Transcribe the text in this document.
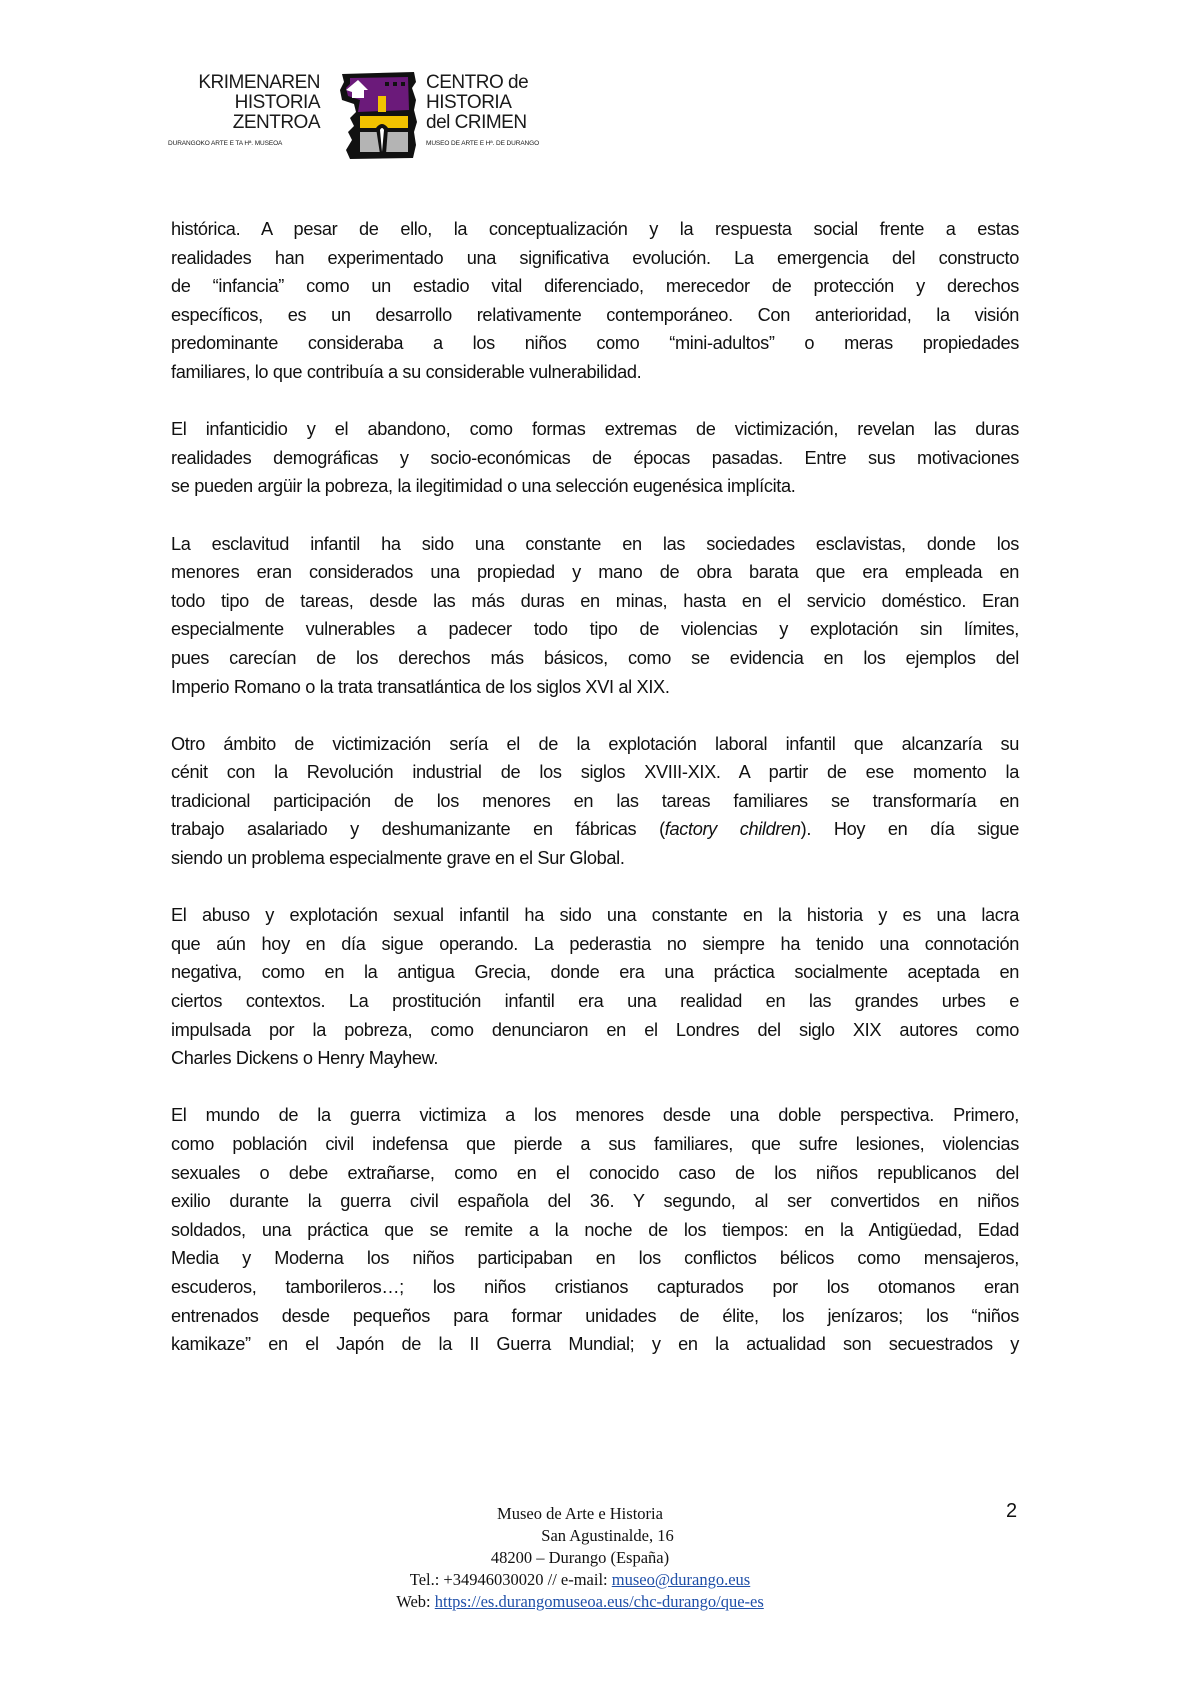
KRIMENAREN
HISTORIA
ZENTROA
DURANGOKO ARTE E TA Hª. MUSEOA
CENTRO de
HISTORIA
del CRIMEN
MUSEO DE ARTE E Hª. DE DURANGO
histórica. A pesar de ello, la conceptualización y la respuesta social frente a estas
realidades han experimentado una significativa evolución. La emergencia del constructo
de “infancia” como un estadio vital diferenciado, merecedor de protección y derechos
específicos, es un desarrollo relativamente contemporáneo. Con anterioridad, la visión
predominante consideraba a los niños como “mini-adultos” o meras propiedades
familiares, lo que contribuía a su considerable vulnerabilidad.
El infanticidio y el abandono, como formas extremas de victimización, revelan las duras
realidades demográficas y socio-económicas de épocas pasadas. Entre sus motivaciones
se pueden argüir la pobreza, la ilegitimidad o una selección eugenésica implícita.
La esclavitud infantil ha sido una constante en las sociedades esclavistas, donde los
menores eran considerados una propiedad y mano de obra barata que era empleada en
todo tipo de tareas, desde las más duras en minas, hasta en el servicio doméstico. Eran
especialmente vulnerables a padecer todo tipo de violencias y explotación sin límites,
pues carecían de los derechos más básicos, como se evidencia en los ejemplos del
Imperio Romano o la trata transatlántica de los siglos XVI al XIX.
Otro ámbito de victimización sería el de la explotación laboral infantil que alcanzaría su
cénit con la Revolución industrial de los siglos XVIII-XIX. A partir de ese momento la
tradicional participación de los menores en las tareas familiares se transformaría en
trabajo asalariado y deshumanizante en fábricas (factory children). Hoy en día sigue
siendo un problema especialmente grave en el Sur Global.
El abuso y explotación sexual infantil ha sido una constante en la historia y es una lacra
que aún hoy en día sigue operando. La pederastia no siempre ha tenido una connotación
negativa, como en la antigua Grecia, donde era una práctica socialmente aceptada en
ciertos contextos. La prostitución infantil era una realidad en las grandes urbes e
impulsada por la pobreza, como denunciaron en el Londres del siglo XIX autores como
Charles Dickens o Henry Mayhew.
El mundo de la guerra victimiza a los menores desde una doble perspectiva. Primero,
como población civil indefensa que pierde a sus familiares, que sufre lesiones, violencias
sexuales o debe extrañarse, como en el conocido caso de los niños republicanos del
exilio durante la guerra civil española del 36. Y segundo, al ser convertidos en niños
soldados, una práctica que se remite a la noche de los tiempos: en la Antigüedad, Edad
Media y Moderna los niños participaban en los conflictos bélicos como mensajeros,
escuderos, tamborileros…; los niños cristianos capturados por los otomanos eran
entrenados desde pequeños para formar unidades de élite, los jenízaros; los “niños
kamikaze” en el Japón de la II Guerra Mundial; y en la actualidad son secuestrados y
Museo de Arte e Historia
San Agustinalde, 16
48200 – Durango (España)
Tel.: +34946030020 // e-mail: museo@durango.eus
Web: https://es.durangomuseoa.eus/chc-durango/que-es
2
